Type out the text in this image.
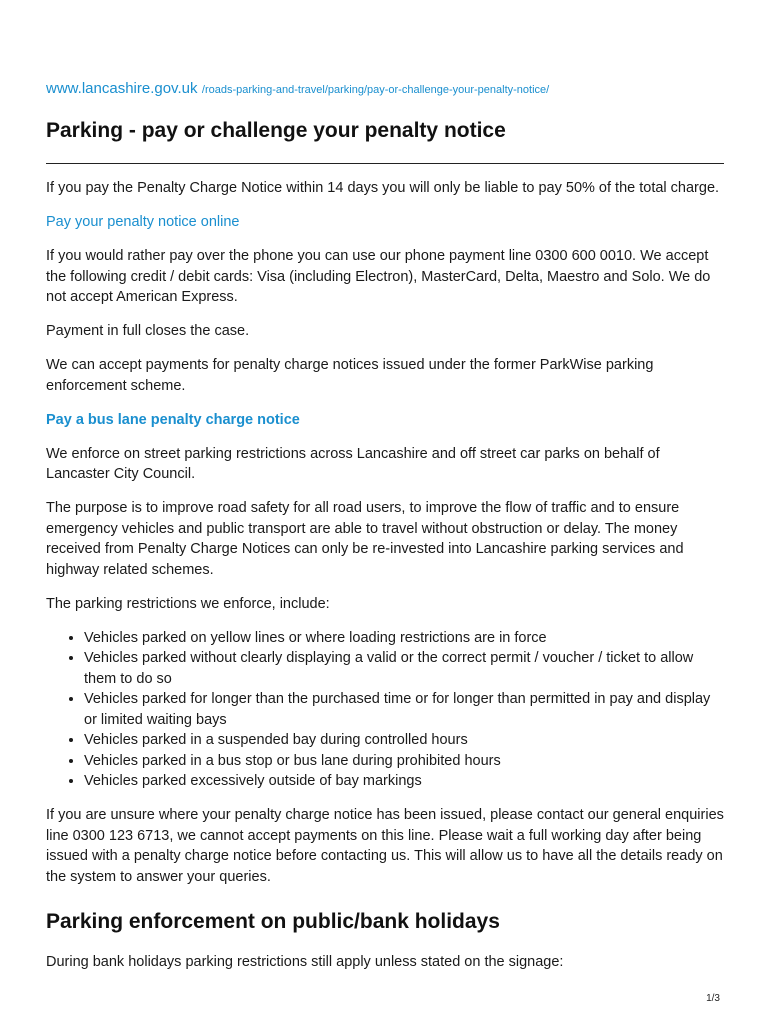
www.lancashire.gov.uk /roads-parking-and-travel/parking/pay-or-challenge-your-penalty-notice/
Parking - pay or challenge your penalty notice

If you pay the Penalty Charge Notice within 14 days you will only be liable to pay 50% of the total charge.

Pay your penalty notice online

If you would rather pay over the phone you can use our phone payment line 0300 600 0010. We accept the following credit / debit cards: Visa (including Electron), MasterCard, Delta, Maestro and Solo. We do not accept American Express.

Payment in full closes the case.

We can accept payments for penalty charge notices issued under the former ParkWise parking enforcement scheme.

Pay a bus lane penalty charge notice

We enforce on street parking restrictions across Lancashire and off street car parks on behalf of Lancaster City Council.

The purpose is to improve road safety for all road users, to improve the flow of traffic and to ensure emergency vehicles and public transport are able to travel without obstruction or delay. The money received from Penalty Charge Notices can only be re-invested into Lancashire parking services and highway related schemes.

The parking restrictions we enforce, include:

• Vehicles parked on yellow lines or where loading restrictions are in force
• Vehicles parked without clearly displaying a valid or the correct permit / voucher / ticket to allow them to do so
• Vehicles parked for longer than the purchased time or for longer than permitted in pay and display or limited waiting bays
• Vehicles parked in a suspended bay during controlled hours
• Vehicles parked in a bus stop or bus lane during prohibited hours
• Vehicles parked excessively outside of bay markings

If you are unsure where your penalty charge notice has been issued, please contact our general enquiries line 0300 123 6713, we cannot accept payments on this line. Please wait a full working day after being issued with a penalty charge notice before contacting us. This will allow us to have all the details ready on the system to answer your queries.

Parking enforcement on public/bank holidays

During bank holidays parking restrictions still apply unless stated on the signage:

1/3
